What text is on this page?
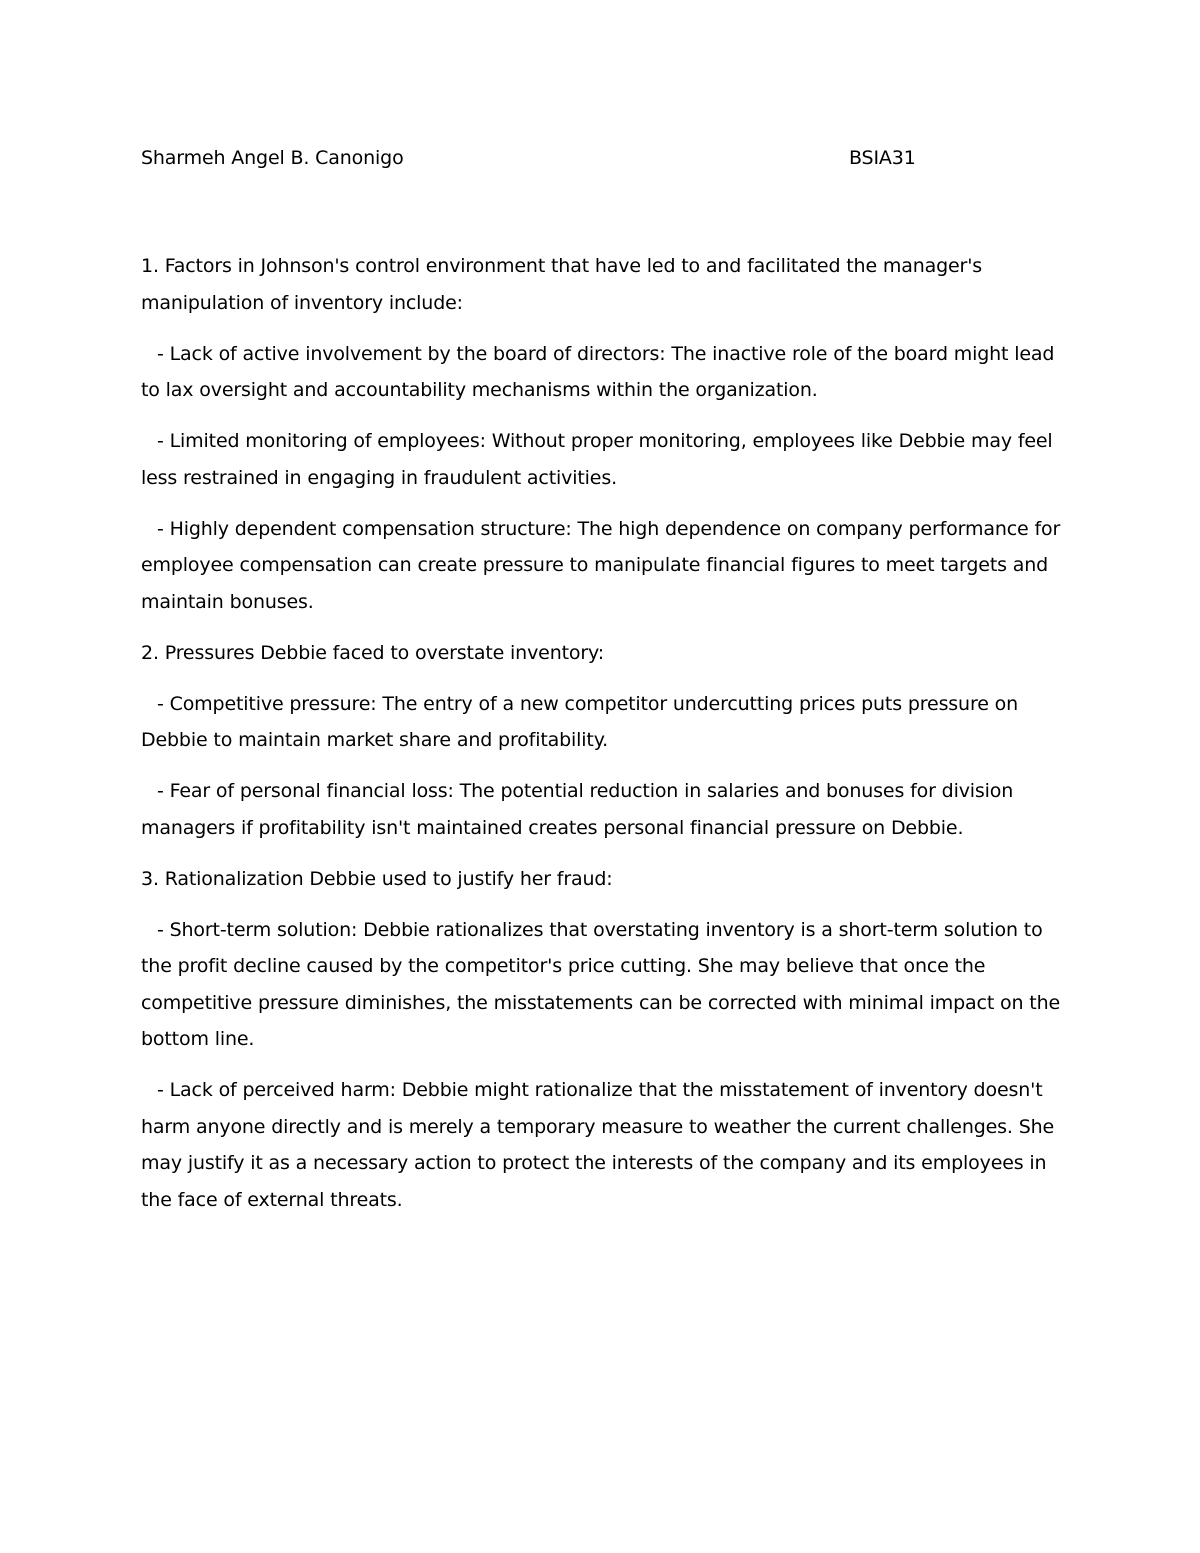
Sharmeh Angel B. Canonigo	BSIA31

1. Factors in Johnson's control environment that have led to and facilitated the manager's manipulation of inventory include:

- Lack of active involvement by the board of directors: The inactive role of the board might lead to lax oversight and accountability mechanisms within the organization.

- Limited monitoring of employees: Without proper monitoring, employees like Debbie may feel less restrained in engaging in fraudulent activities.

- Highly dependent compensation structure: The high dependence on company performance for employee compensation can create pressure to manipulate financial figures to meet targets and maintain bonuses.

2. Pressures Debbie faced to overstate inventory:

- Competitive pressure: The entry of a new competitor undercutting prices puts pressure on Debbie to maintain market share and profitability.

- Fear of personal financial loss: The potential reduction in salaries and bonuses for division managers if profitability isn't maintained creates personal financial pressure on Debbie.

3. Rationalization Debbie used to justify her fraud:

- Short-term solution: Debbie rationalizes that overstating inventory is a short-term solution to the profit decline caused by the competitor's price cutting. She may believe that once the competitive pressure diminishes, the misstatements can be corrected with minimal impact on the bottom line.

- Lack of perceived harm: Debbie might rationalize that the misstatement of inventory doesn't harm anyone directly and is merely a temporary measure to weather the current challenges. She may justify it as a necessary action to protect the interests of the company and its employees in the face of external threats.
